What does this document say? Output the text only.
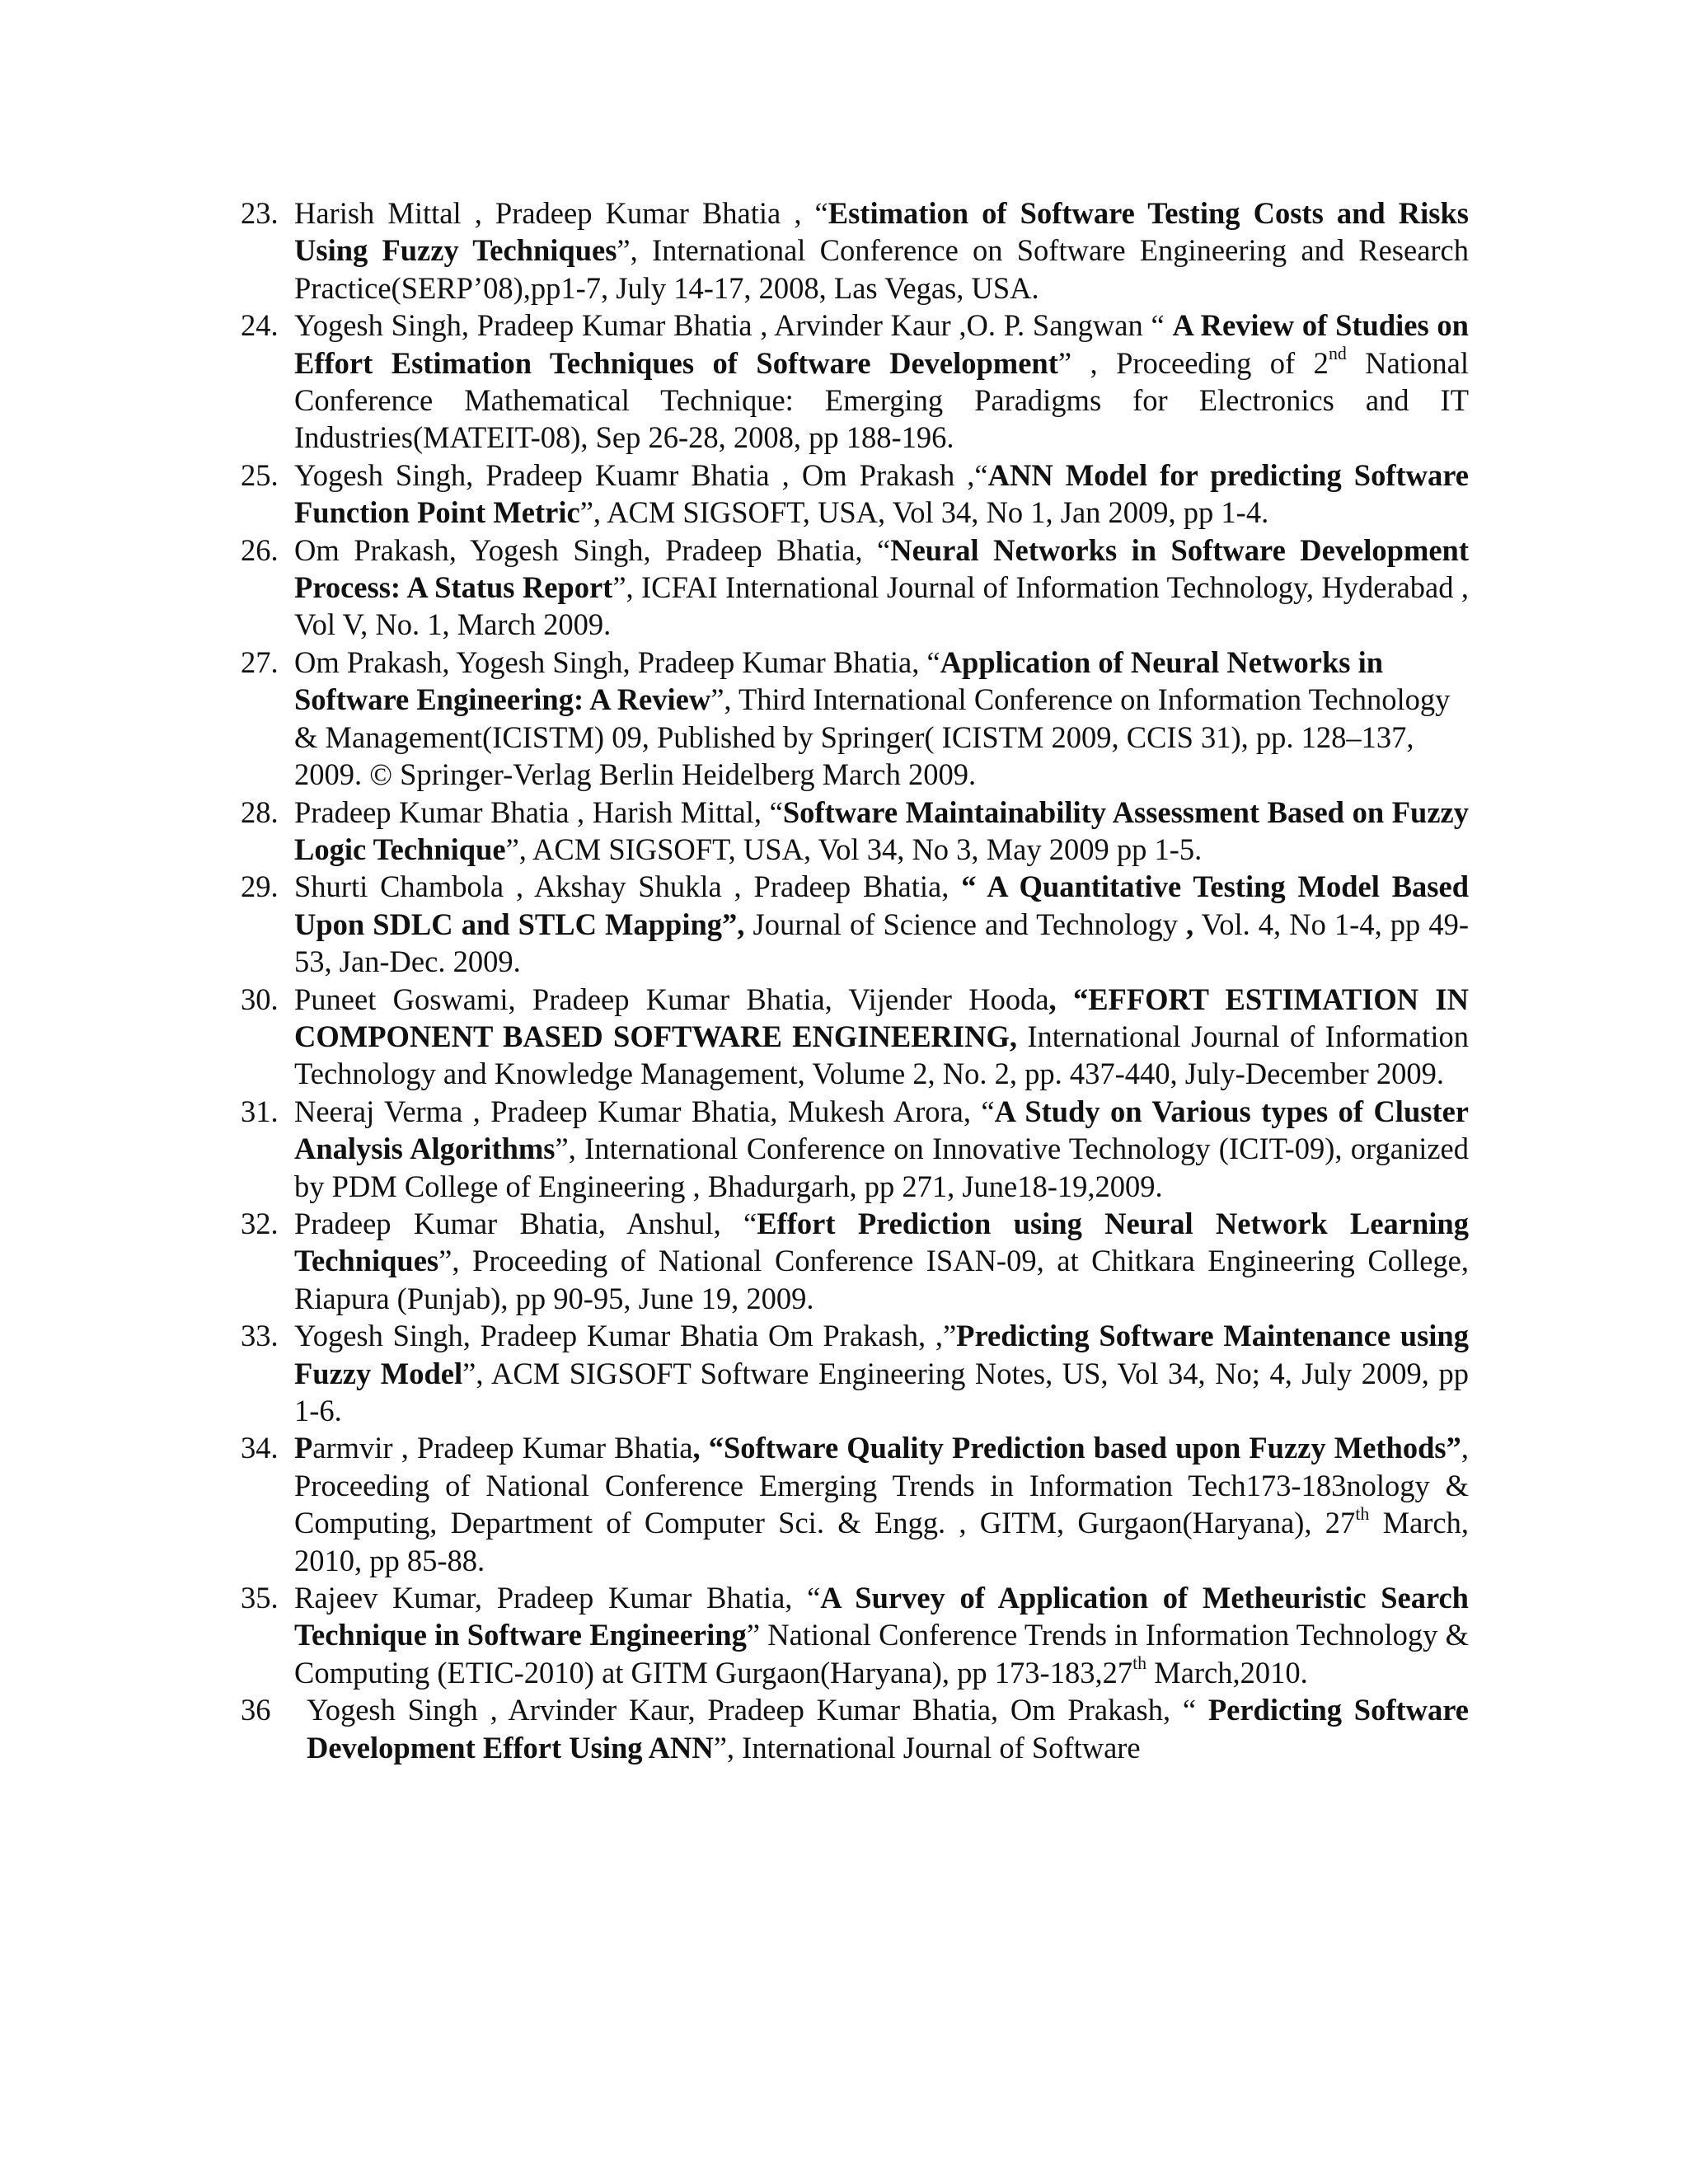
23. Harish Mittal , Pradeep Kumar Bhatia , “Estimation of Software Testing Costs and Risks Using Fuzzy Techniques”, International Conference on Software Engineering and Research Practice(SERP’08),pp1-7, July 14-17, 2008, Las Vegas, USA.
24. Yogesh Singh, Pradeep Kumar Bhatia , Arvinder Kaur ,O. P. Sangwan “ A Review of Studies on Effort Estimation Techniques of Software Development” , Proceeding of 2nd National Conference Mathematical Technique: Emerging Paradigms for Electronics and IT Industries(MATEIT-08), Sep 26-28, 2008, pp 188-196.
25. Yogesh Singh, Pradeep Kuamr Bhatia , Om Prakash ,“ANN Model for predicting Software Function Point Metric”, ACM SIGSOFT, USA, Vol 34, No 1, Jan 2009, pp 1-4.
26. Om Prakash, Yogesh Singh, Pradeep Bhatia, “Neural Networks in Software Development Process: A Status Report”, ICFAI International Journal of Information Technology, Hyderabad , Vol V, No. 1, March 2009.
27. Om Prakash, Yogesh Singh, Pradeep Kumar Bhatia, “Application of Neural Networks in Software Engineering: A Review”, Third International Conference on Information Technology & Management(ICISTM) 09, Published by Springer( ICISTM 2009, CCIS 31), pp. 128–137, 2009. © Springer-Verlag Berlin Heidelberg March 2009.
28. Pradeep Kumar Bhatia , Harish Mittal, “Software Maintainability Assessment Based on Fuzzy Logic Technique”, ACM SIGSOFT, USA, Vol 34, No 3, May 2009 pp 1-5.
29. Shurti Chambola , Akshay Shukla , Pradeep Bhatia, “ A Quantitative Testing Model Based Upon SDLC and STLC Mapping”, Journal of Science and Technology , Vol. 4, No 1-4, pp 49-53, Jan-Dec. 2009.
30. Puneet Goswami, Pradeep Kumar Bhatia, Vijender Hooda, “EFFORT ESTIMATION IN COMPONENT BASED SOFTWARE ENGINEERING, International Journal of Information Technology and Knowledge Management, Volume 2, No. 2, pp. 437-440, July-December 2009.
31. Neeraj Verma , Pradeep Kumar Bhatia, Mukesh Arora, “A Study on Various types of Cluster Analysis Algorithms”, International Conference on Innovative Technology (ICIT-09), organized by PDM College of Engineering , Bhadurgarh, pp 271, June18-19,2009.
32. Pradeep Kumar Bhatia, Anshul, “Effort Prediction using Neural Network Learning Techniques”, Proceeding of National Conference ISAN-09, at Chitkara Engineering College, Riapura (Punjab), pp 90-95, June 19, 2009.
33. Yogesh Singh, Pradeep Kumar Bhatia Om Prakash, ,”Predicting Software Maintenance using Fuzzy Model”, ACM SIGSOFT Software Engineering Notes, US, Vol 34, No; 4, July 2009, pp 1-6.
34. Parmvir , Pradeep Kumar Bhatia, “Software Quality Prediction based upon Fuzzy Methods”, Proceeding of National Conference Emerging Trends in Information Tech173-183nology & Computing, Department of Computer Sci. & Engg. , GITM, Gurgaon(Haryana), 27th March, 2010, pp 85-88.
35. Rajeev Kumar, Pradeep Kumar Bhatia, “A Survey of Application of Metheuristic Search Technique in Software Engineering” National Conference Trends in Information Technology & Computing (ETIC-2010) at GITM Gurgaon(Haryana), pp 173-183,27th March,2010.
36	Yogesh Singh , Arvinder Kaur, Pradeep Kumar Bhatia, Om Prakash, “ Perdicting Software Development Effort Using ANN”, International Journal of Software
